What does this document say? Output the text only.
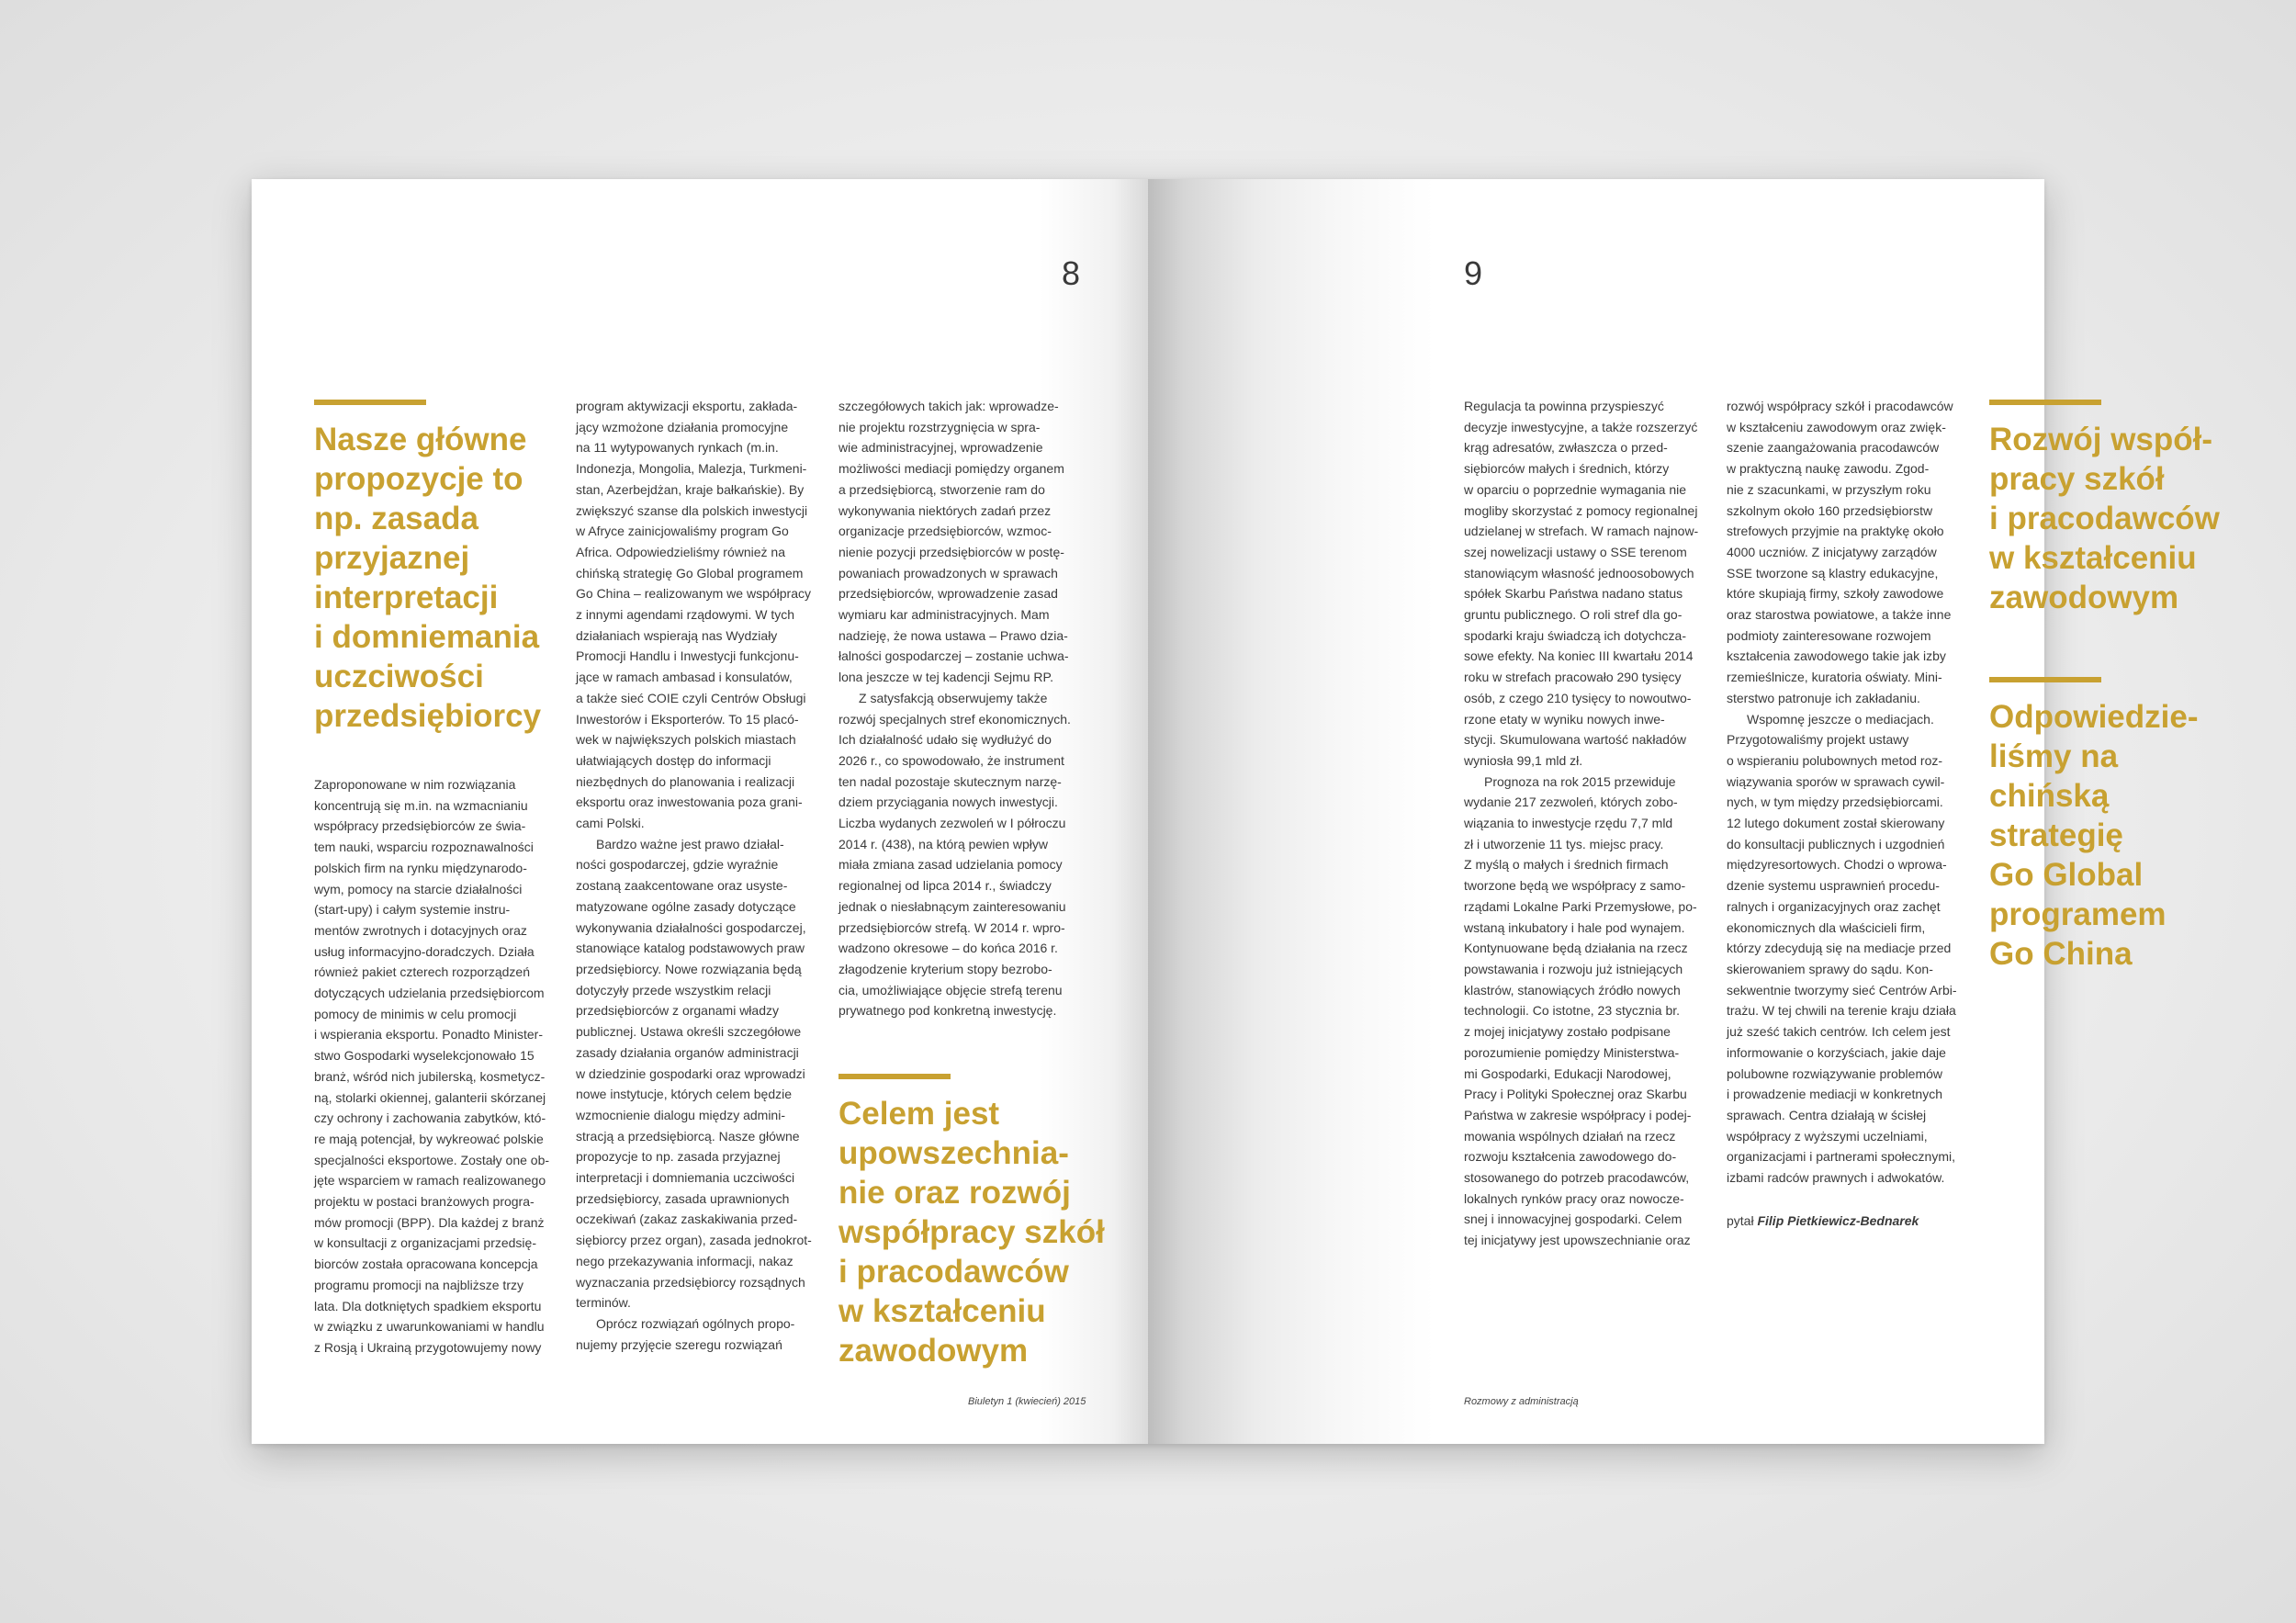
8
Nasze główne
propozycje to
np. zasada
przyjaznej
interpretacji
i domniemania
uczciwości
przedsiębiorcy

Zaproponowane w nim rozwiązania
koncentrują się m.in. na wzmacnianiu
współpracy przedsiębiorców ze świa-
tem nauki, wsparciu rozpoznawalności
polskich firm na rynku międzynarodo-
wym, pomocy na starcie działalności
(start-upy) i całym systemie instru-
mentów zwrotnych i dotacyjnych oraz
usług informacyjno-doradczych. Działa
również pakiet czterech rozporządzeń
dotyczących udzielania przedsiębiorcom
pomocy de minimis w celu promocji
i wspierania eksportu. Ponadto Minister-
stwo Gospodarki wyselekcjonowało 15
branż, wśród nich jubilerską, kosmetycz-
ną, stolarki okiennej, galanterii skórzanej
czy ochrony i zachowania zabytków, któ-
re mają potencjał, by wykreować polskie
specjalności eksportowe. Zostały one ob-
jęte wsparciem w ramach realizowanego
projektu w postaci branżowych progra-
mów promocji (BPP). Dla każdej z branż
w konsultacji z organizacjami przedsię-
biorców została opracowana koncepcja
programu promocji na najbliższe trzy
lata. Dla dotkniętych spadkiem eksportu
w związku z uwarunkowaniami w handlu
z Rosją i Ukrainą przygotowujemy nowy

program aktywizacji eksportu, zakłada-
jący wzmożone działania promocyjne
na 11 wytypowanych rynkach (m.in.
Indonezja, Mongolia, Malezja, Turkmeni-
stan, Azerbejdżan, kraje bałkańskie). By
zwiększyć szanse dla polskich inwestycji
w Afryce zainicjowaliśmy program Go
Africa. Odpowiedzieliśmy również na
chińską strategię Go Global programem
Go China – realizowanym we współpracy
z innymi agendami rządowymi. W tych
działaniach wspierają nas Wydziały
Promocji Handlu i Inwestycji funkcjonu-
jące w ramach ambasad i konsulatów,
a także sieć COIE czyli Centrów Obsługi
Inwestorów i Eksporterów. To 15 placó-
wek w największych polskich miastach
ułatwiających dostęp do informacji
niezbędnych do planowania i realizacji
eksportu oraz inwestowania poza grani-
cami Polski.

Bardzo ważne jest prawo działal-
ności gospodarczej, gdzie wyraźnie
zostaną zaakcentowane oraz usyste-
matyzowane ogólne zasady dotyczące
wykonywania działalności gospodarczej,
stanowiące katalog podstawowych praw
przedsiębiorcy. Nowe rozwiązania będą
dotyczyły przede wszystkim relacji
przedsiębiorców z organami władzy
publicznej. Ustawa określi szczegółowe
zasady działania organów administracji
w dziedzinie gospodarki oraz wprowadzi
nowe instytucje, których celem będzie
wzmocnienie dialogu między admini-
stracją a przedsiębiorcą. Nasze główne
propozycje to np. zasada przyjaznej
interpretacji i domniemania uczciwości
przedsiębiorcy, zasada uprawnionych
oczekiwań (zakaz zaskakiwania przed-
siębiorcy przez organ), zasada jednokrot-
nego przekazywania informacji, nakaz
wyznaczania przedsiębiorcy rozsądnych
terminów.

Oprócz rozwiązań ogólnych propo-
nujemy przyjęcie szeregu rozwiązań

szczegółowych takich jak: wprowadze-
nie projektu rozstrzygnięcia w spra-
wie administracyjnej, wprowadzenie
możliwości mediacji pomiędzy organem
a przedsiębiorcą, stworzenie ram do
wykonywania niektórych zadań przez
organizacje przedsiębiorców, wzmoc-
nienie pozycji przedsiębiorców w postę-
powaniach prowadzonych w sprawach
przedsiębiorców, wprowadzenie zasad
wymiaru kar administracyjnych. Mam
nadzieję, że nowa ustawa – Prawo dzia-
łalności gospodarczej – zostanie uchwa-
lona jeszcze w tej kadencji Sejmu RP.

Z satysfakcją obserwujemy także
rozwój specjalnych stref ekonomicznych.
Ich działalność udało się wydłużyć do
2026 r., co spowodowało, że instrument
ten nadal pozostaje skutecznym narzę-
dziem przyciągania nowych inwestycji.
Liczba wydanych zezwoleń w I półroczu
2014 r. (438), na którą pewien wpływ
miała zmiana zasad udzielania pomocy
regionalnej od lipca 2014 r., świadczy
jednak o niesłabnącym zainteresowaniu
przedsiębiorców strefą. W 2014 r. wpro-
wadzono okresowe – do końca 2016 r.
złagodzenie kryterium stopy bezrobo-
cia, umożliwiające objęcie strefą terenu
prywatnego pod konkretną inwestycję.

Celem jest
upowszechnia-
nie oraz rozwój
współpracy szkół
i pracodawców
w kształceniu
zawodowym
Biuletyn 1 (kwiecień) 2015
9

Regulacja ta powinna przyspieszyć
decyzje inwestycyjne, a także rozszerzyć
krąg adresatów, zwłaszcza o przed-
siębiorców małych i średnich, którzy
w oparciu o poprzednie wymagania nie
mogliby skorzystać z pomocy regionalnej
udzielanej w strefach. W ramach najnow-
szej nowelizacji ustawy o SSE terenom
stanowiącym własność jednoosobowych
spółek Skarbu Państwa nadano status
gruntu publicznego. O roli stref dla go-
spodarki kraju świadczą ich dotychcza-
sowe efekty. Na koniec III kwartału 2014
roku w strefach pracowało 290 tysięcy
osób, z czego 210 tysięcy to nowoutwo-
rzone etaty w wyniku nowych inwe-
stycji. Skumulowana wartość nakładów
wyniosła 99,1 mld zł.

Prognoza na rok 2015 przewiduje
wydanie 217 zezwoleń, których zobo-
wiązania to inwestycje rzędu 7,7 mld
zł i utworzenie 11 tys. miejsc pracy.
Z myślą o małych i średnich firmach
tworzone będą we współpracy z samo-
rządami Lokalne Parki Przemysłowe, po-
wstaną inkubatory i hale pod wynajem.
Kontynuowane będą działania na rzecz
powstawania i rozwoju już istniejących
klastrów, stanowiących źródło nowych
technologii. Co istotne, 23 stycznia br.
z mojej inicjatywy zostało podpisane
porozumienie pomiędzy Ministerstwa-
mi Gospodarki, Edukacji Narodowej,
Pracy i Polityki Społecznej oraz Skarbu
Państwa w zakresie współpracy i podej-
mowania wspólnych działań na rzecz
rozwoju kształcenia zawodowego do-
stosowanego do potrzeb pracodawców,
lokalnych rynków pracy oraz nowocze-
snej i innowacyjnej gospodarki. Celem
tej inicjatywy jest upowszechnianie oraz

rozwój współpracy szkół i pracodawców
w kształceniu zawodowym oraz zwięk-
szenie zaangażowania pracodawców
w praktyczną naukę zawodu. Zgod-
nie z szacunkami, w przyszłym roku
szkolnym około 160 przedsiębiorstw
strefowych przyjmie na praktykę około
4000 uczniów. Z inicjatywy zarządów
SSE tworzone są klastry edukacyjne,
które skupiają firmy, szkoły zawodowe
oraz starostwa powiatowe, a także inne
podmioty zainteresowane rozwojem
kształcenia zawodowego takie jak izby
rzemieślnicze, kuratoria oświaty. Mini-
sterstwo patronuje ich zakładaniu.

Wspomnę jeszcze o mediacjach.
Przygotowaliśmy projekt ustawy
o wspieraniu polubownych metod roz-
wiązywania sporów w sprawach cywil-
nych, w tym między przedsiębiorcami.
12 lutego dokument został skierowany
do konsultacji publicznych i uzgodnień
międzyresortowych. Chodzi o wprowa-
dzenie systemu usprawnień procedu-
ralnych i organizacyjnych oraz zachęt
ekonomicznych dla właścicieli firm,
którzy zdecydują się na mediacje przed
skierowaniem sprawy do sądu. Kon-
sekwentnie tworzymy sieć Centrów Arbi-
trażu. W tej chwili na terenie kraju działa
już sześć takich centrów. Ich celem jest
informowanie o korzyściach, jakie daje
polubowne rozwiązywanie problemów
i prowadzenie mediacji w konkretnych
sprawach. Centra działają w ścisłej
współpracy z wyższymi uczelniami,
organizacjami i partnerami społecznymi,
izbami radców prawnych i adwokatów.

pytał Filip Pietkiewicz-Bednarek
Rozwój współ-
pracy szkół
i pracodawców
w kształceniu
zawodowym
Odpowiedzie-
liśmy na
chińską
strategię
Go Global
programem
Go China
Rozmowy z administracją
